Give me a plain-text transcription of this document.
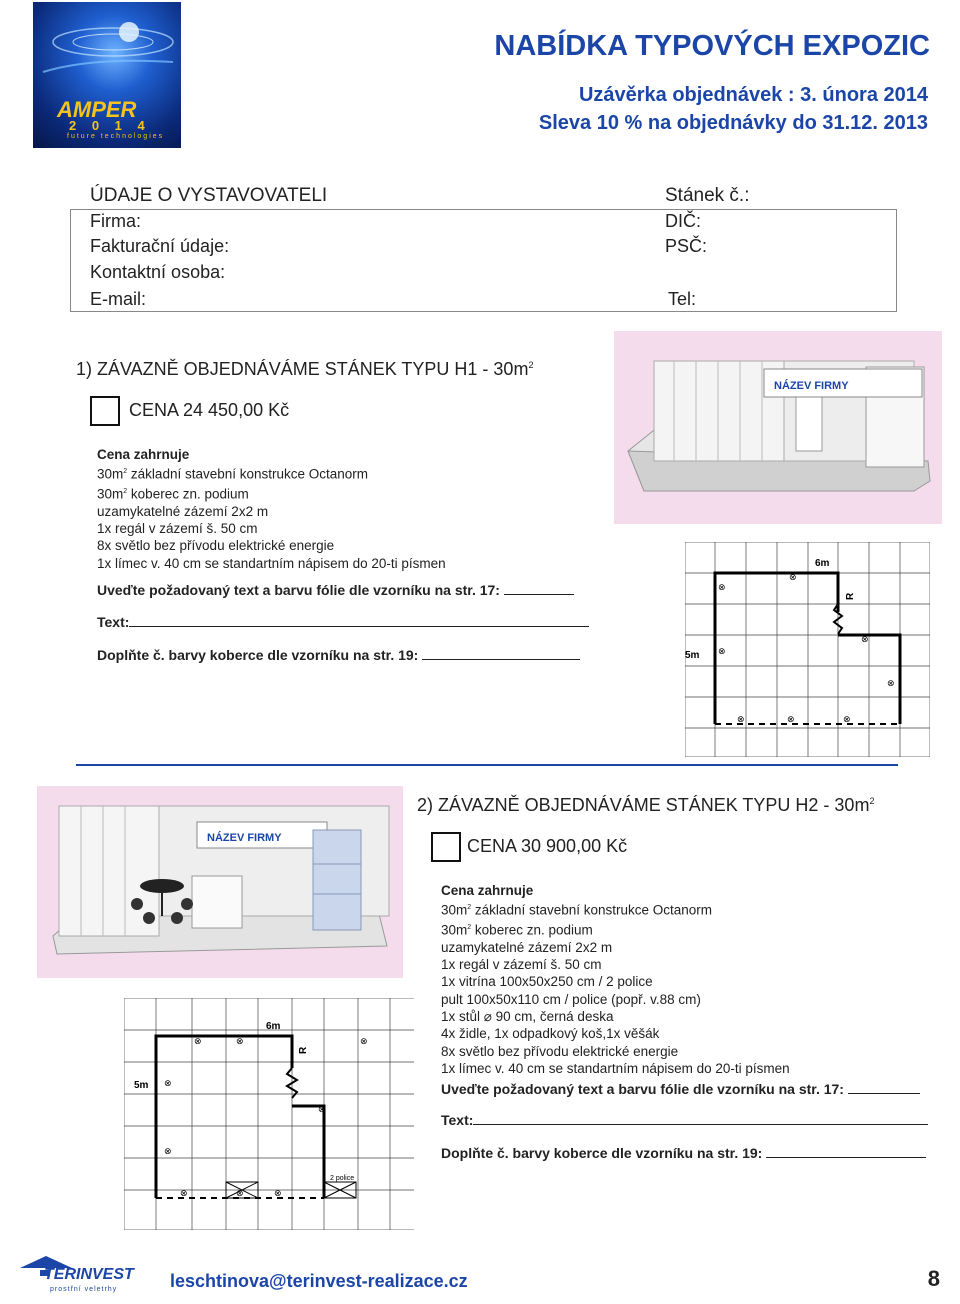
AMPER
2 0 1 4
future technologies
NABÍDKA TYPOVÝCH EXPOZIC
Uzávěrka objednávek : 3. února 2014
Sleva 10 % na objednávky do 31.12. 2013
ÚDAJE O VYSTAVOVATELI	Stánek č.:
Firma:	DIČ:
Fakturační údaje:	PSČ:
Kontaktní osoba:
E-mail:	Tel:
1) ZÁVAZNĚ OBJEDNÁVÁME STÁNEK TYPU $H1 - 30m^2$
CENA 24 450,00 Kč
Cena zahrnuje
$30m^2$ základní stavební konstrukce Octanorm
$30m^2$ koberec zn. podium
uzamykatelné zázemí 2x2 m
1x regál v zázemí š. 50 cm
8x světlo bez přívodu elektrické energie
1x límec v. 40 cm se standartním nápisem do 20-ti písmen
Uveďte požadovaný text a barvu fólie dle vzorníku na str. 17:
Text:
Doplňte č. barvy koberce dle vzorníku na str. 19:
NÁZEV FIRMY
6m
5m
R
⊗
⊗
⊗
⊗
⊗
⊗	⊗	⊗
NÁZEV FIRMY
2) ZÁVAZNĚ OBJEDNÁVÁME STÁNEK TYPU $H2 - 30m^2$
CENA 30 900,00 Kč
Cena zahrnuje
$30m^2$ základní stavební konstrukce Octanorm
$30m^2$ koberec zn. podium
uzamykatelné zázemí 2x2 m
1x regál v zázemí š. 50 cm
1x vitrína 100x50x250 cm / 2 police
pult 100x50x110 cm / police (popř. v.88 cm)
1x stůl ⌀ 90 cm, černá deska
4x židle, 1x odpadkový koš,1x věšák
8x světlo bez přívodu elektrické energie
1x límec v. 40 cm se standartním nápisem do 20-ti písmen
Uveďte požadovaný text a barvu fólie dle vzorníku na str. 17:
Text:
Doplňte č. barvy koberce dle vzorníku na str. 19:
6m
5m
R
2 police
⊗	⊗	⊗
⊗
⊗
⊗
⊗	⊗	⊗
TERINVEST
prostřní veletrhy	leschtinova@terinvest-realizace.cz	8
